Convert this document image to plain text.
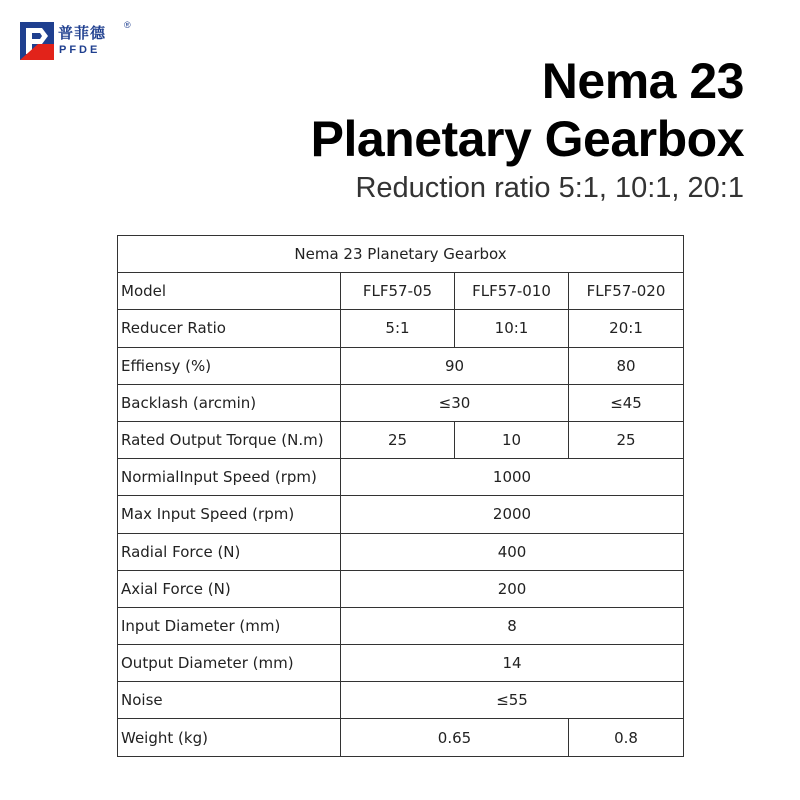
普菲德 ®
PFDE
Nema 23
Planetary Gearbox
Reduction ratio 5:1, 10:1, 20:1
Nema 23 Planetary Gearbox			
Model	FLF57-05	FLF57-010	FLF57-020
Reducer Ratio	5:1	10:1	20:1
Effiensy (%)	90		80
Backlash (arcmin)	≤30		≤45
Rated Output Torque (N.m)	25	10	25
NormialInput Speed (rpm)	1000		
Max Input Speed (rpm)	2000		
Radial Force (N)	400		
Axial Force (N)	200		
Input Diameter (mm)	8		
Output Diameter (mm)	14		
Noise	≤55		
Weight (kg)	0.65		0.8
